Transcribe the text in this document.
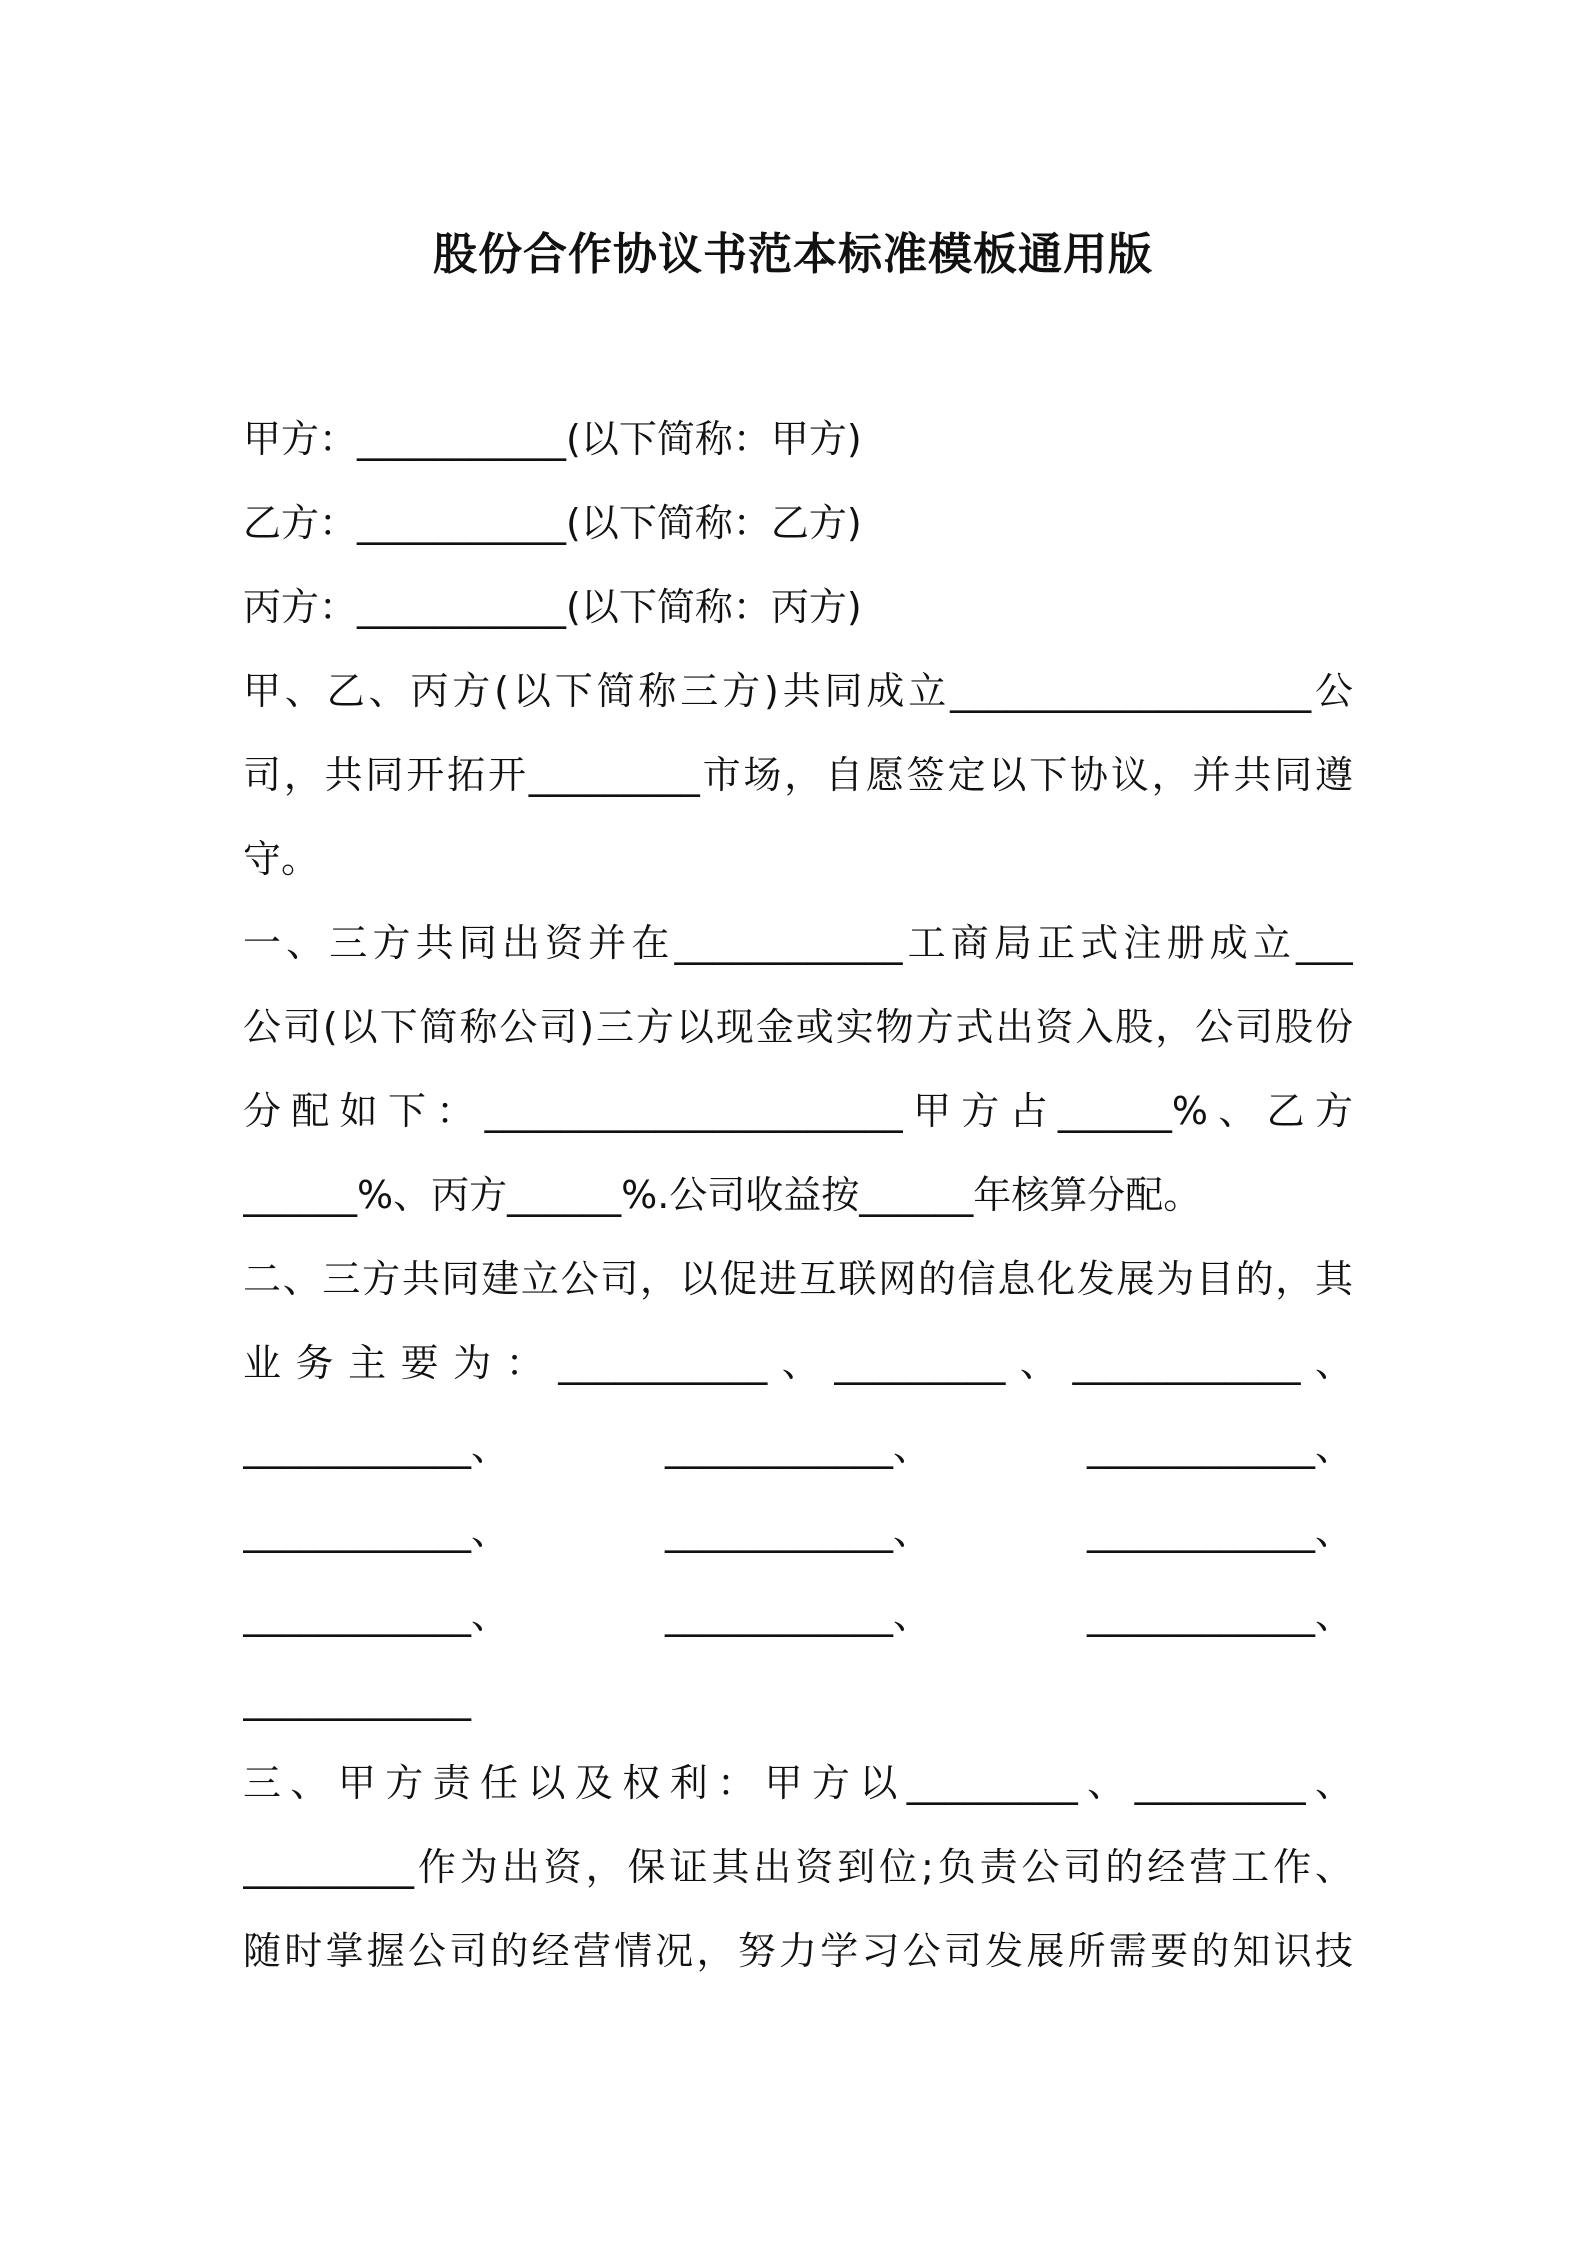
股份合作协议书范本标准模板通用版
甲方：___________(以下简称：甲方)
乙方：___________(以下简称：乙方)
丙方：___________(以下简称：丙方)
甲、乙、丙方(以下简称三方)共同成立___________________公
司，共同开拓开_________市场，自愿签定以下协议，并共同遵
守。
一、三方共同出资并在____________工商局正式注册成立___
公司(以下简称公司)三方以现金或实物方式出资入股，公司股份
分配如下：______________________甲方占______%、乙方
______%、丙方______%.公司收益按______年核算分配。
二、三方共同建立公司，以促进互联网的信息化发展为目的，其
业务主要为：___________、_________、____________、
____________、	____________、	____________、
____________、	____________、	____________、
____________、	____________、	____________、
____________
三、甲方责任以及权利：甲方以_________、_________、
_________作为出资，保证其出资到位;负责公司的经营工作、
随时掌握公司的经营情况，努力学习公司发展所需要的知识技
